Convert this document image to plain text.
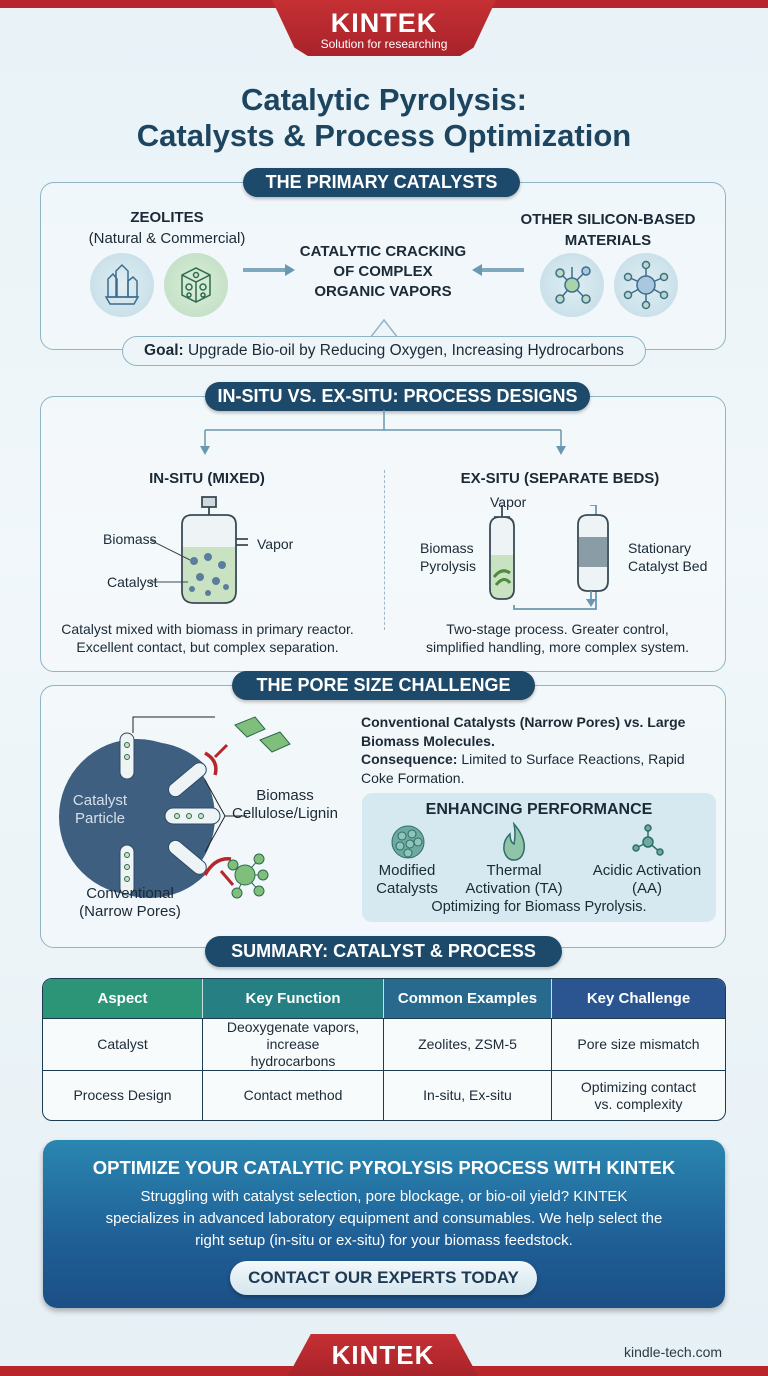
KINTEK
Solution for researching
Catalytic Pyrolysis:
Catalysts & Process Optimization
THE PRIMARY CATALYSTS
ZEOLITES
(Natural & Commercial)
CATALYTIC CRACKING
OF COMPLEX
ORGANIC VAPORS
OTHER SILICON-BASED
MATERIALS
Goal: Upgrade Bio-oil by Reducing Oxygen, Increasing Hydrocarbons
IN-SITU VS. EX-SITU: PROCESS DESIGNS
IN-SITU (MIXED)	EX-SITU (SEPARATE BEDS)
Biomass
Catalyst
Vapor
Catalyst mixed with biomass in primary reactor.
Excellent contact, but complex separation.
Vapor
Biomass
Pyrolysis
Stationary
Catalyst Bed
Two-stage process. Greater control,
simplified handling, more complex system.
THE PORE SIZE CHALLENGE
Catalyst
Particle
Biomass
Cellulose/Lignin
Conventional
(Narrow Pores)
Conventional Catalysts (Narrow Pores) vs. Large
Biomass Molecules.
Consequence: Limited to Surface Reactions, Rapid
Coke Formation.
ENHANCING PERFORMANCE
Modified
Catalysts
Thermal
Activation (TA)
Acidic Activation
(AA)
Optimizing for Biomass Pyrolysis.
SUMMARY: CATALYST & PROCESS
Aspect	Key Function	Common Examples	Key Challenge
Catalyst	Deoxygenate vapors, increase hydrocarbons	Zeolites, ZSM-5	Pore size mismatch
Process Design	Contact method	In-situ, Ex-situ	Optimizing contact vs. complexity
OPTIMIZE YOUR CATALYTIC PYROLYSIS PROCESS WITH KINTEK
Struggling with catalyst selection, pore blockage, or bio-oil yield? KINTEK
specializes in advanced laboratory equipment and consumables. We help select the
right setup (in-situ or ex-situ) for your biomass feedstock.
CONTACT OUR EXPERTS TODAY
KINTEK	kindle-tech.com
